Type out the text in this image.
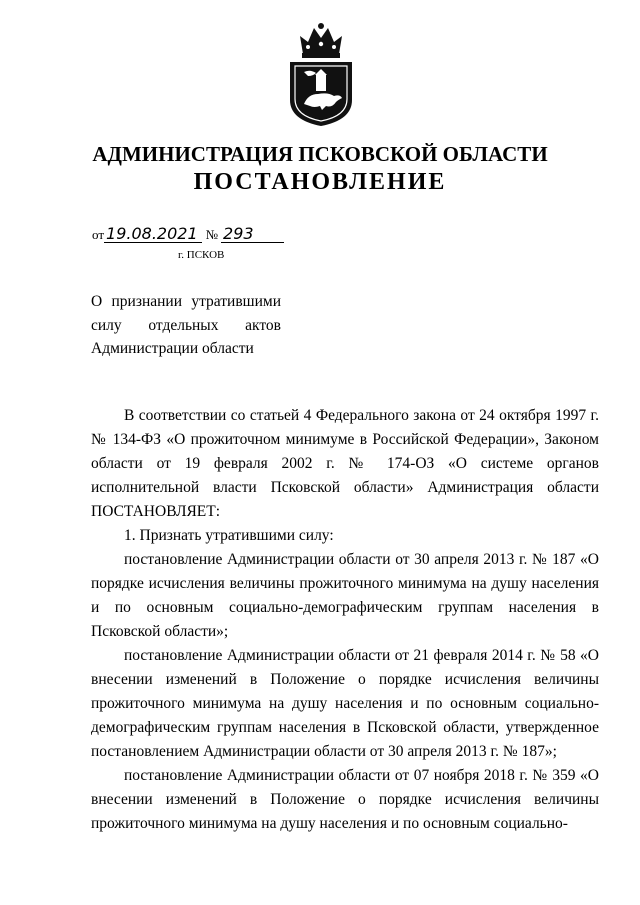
АДМИНИСТРАЦИЯ ПСКОВСКОЙ ОБЛАСТИ
ПОСТАНОВЛЕНИЕ
от 19.08.2021 № 293
г. ПСКОВ
О признании утратившими
силу отдельных актов
Администрации области

В соответствии со статьей 4 Федерального закона от 24 октября 1997 г. № 134-ФЗ «О прожиточном минимуме в Российской Федерации», Законом области от 19 февраля 2002 г. № 174-ОЗ «О системе органов исполнительной власти Псковской области» Администрация области ПОСТАНОВЛЯЕТ:

1. Признать утратившими силу:

постановление Администрации области от 30 апреля 2013 г. № 187 «О порядке исчисления величины прожиточного минимума на душу населения и по основным социально-демографическим группам населения в Псковской области»;

постановление Администрации области от 21 февраля 2014 г. № 58 «О внесении изменений в Положение о порядке исчисления величины прожиточного минимума на душу населения и по основным социально-демографическим группам населения в Псковской области, утвержденное постановлением Администрации области от 30 апреля 2013 г. № 187»;

постановление Администрации области от 07 ноября 2018 г. № 359 «О внесении изменений в Положение о порядке исчисления величины прожиточного минимума на душу населения и по основным социально-
